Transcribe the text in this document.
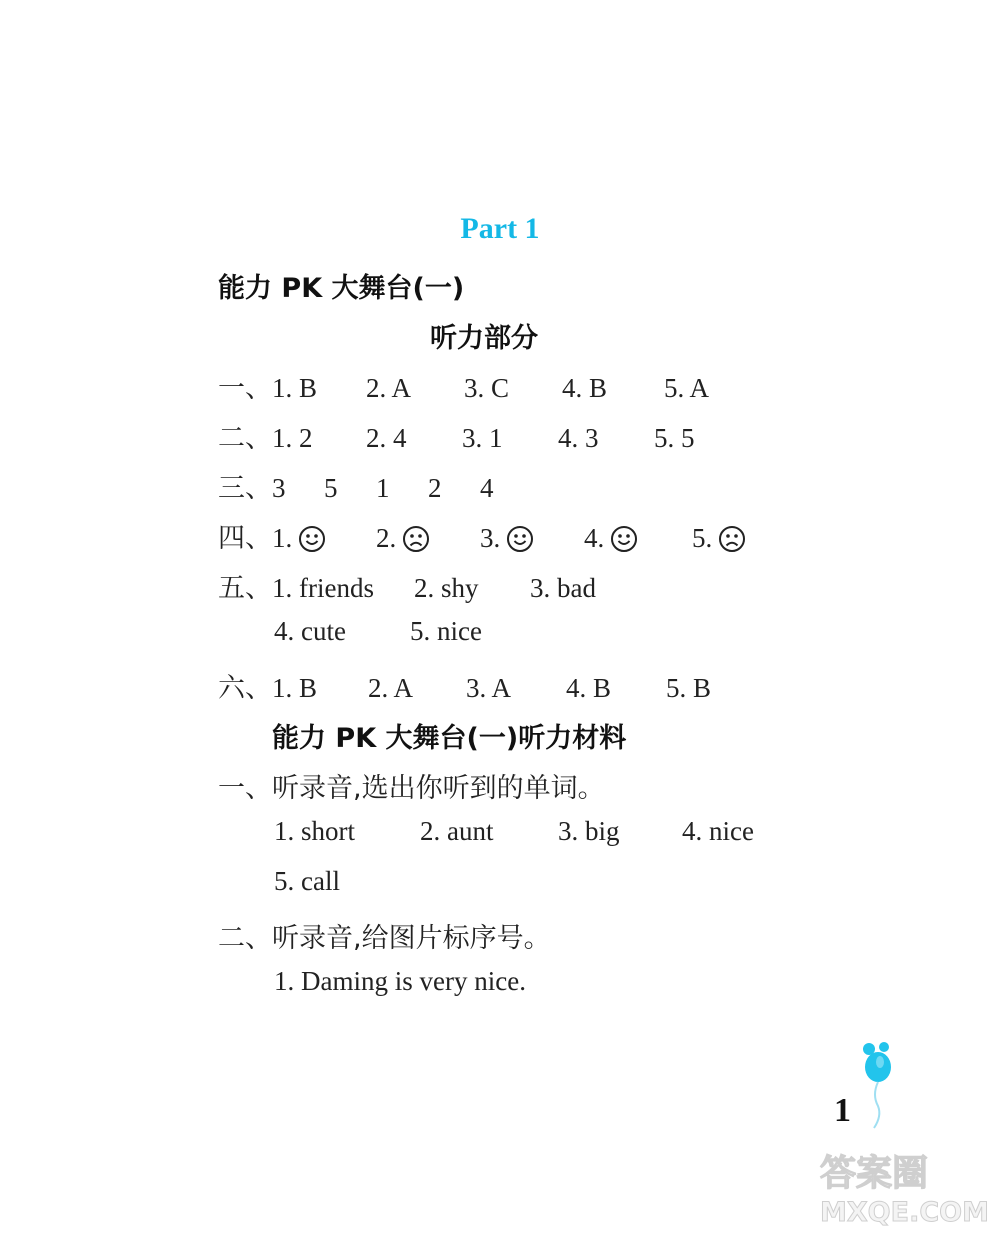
Part 1
能力 PK 大舞台(一)
听力部分
一、1. B 2. A 3. C 4. B 5. A
二、1. 2 2. 4 3. 1 4. 3 5. 5
三、3 5 1 2 4
四、1.	2.	3.	4.	5.
五、1. friends 2. shy 3. bad
4. cute 5. nice
六、1. B 2. A 3. A 4. B 5. B
能力 PK 大舞台(一)听力材料
一、听录音,选出你听到的单词。
1. short 2. aunt 3. big 4. nice
5. call
二、听录音,给图片标序号。
1. Daming is very nice.
1
答案圈
MXQE.COM
